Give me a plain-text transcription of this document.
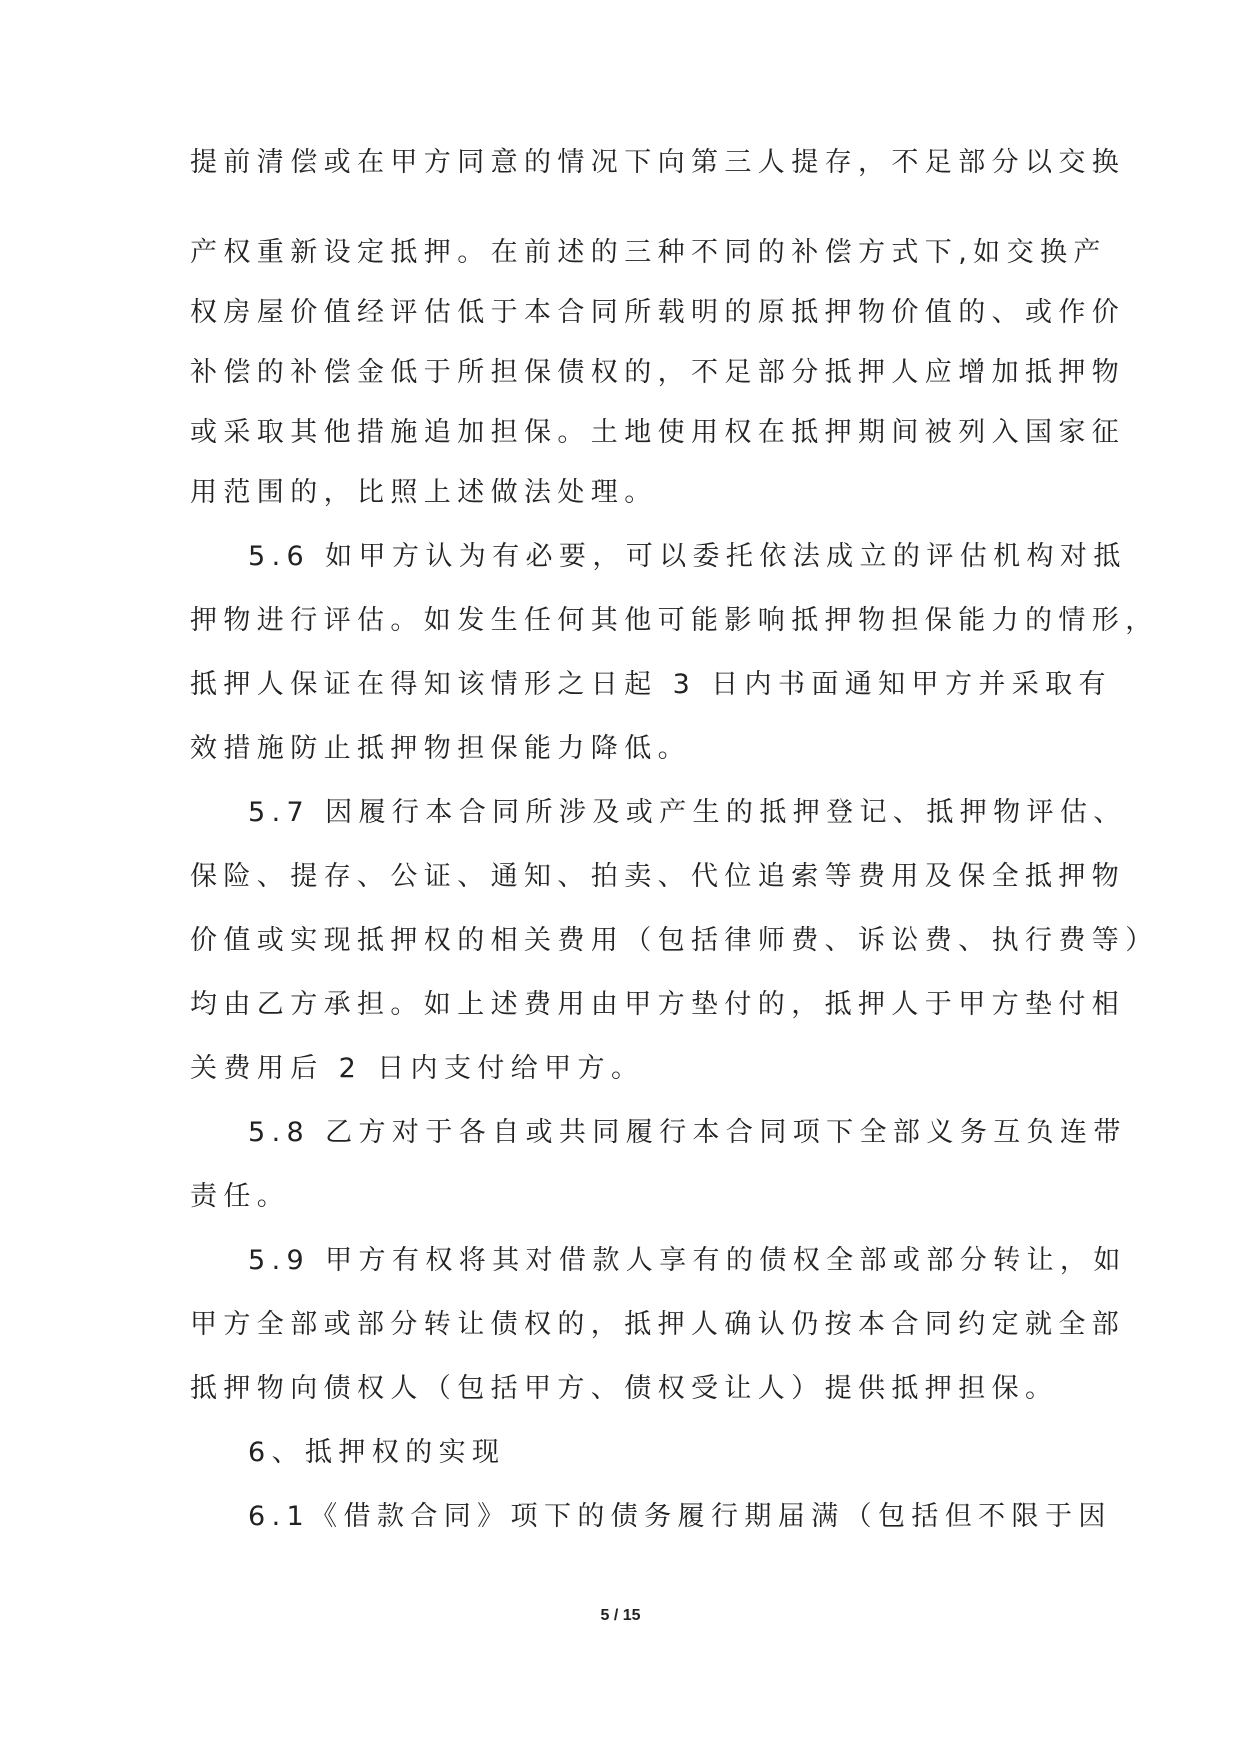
提前清偿或在甲方同意的情况下向第三人提存，不足部分以交换
产权重新设定抵押。在前述的三种不同的补偿方式下,如交换产
权房屋价值经评估低于本合同所载明的原抵押物价值的、或作价
补偿的补偿金低于所担保债权的，不足部分抵押人应增加抵押物
或采取其他措施追加担保。土地使用权在抵押期间被列入国家征
用范围的，比照上述做法处理。
5.6 如甲方认为有必要，可以委托依法成立的评估机构对抵
押物进行评估。如发生任何其他可能影响抵押物担保能力的情形，
抵押人保证在得知该情形之日起 3 日内书面通知甲方并采取有
效措施防止抵押物担保能力降低。
5.7 因履行本合同所涉及或产生的抵押登记、抵押物评估、
保险、提存、公证、通知、拍卖、代位追索等费用及保全抵押物
价值或实现抵押权的相关费用（包括律师费、诉讼费、执行费等）
均由乙方承担。如上述费用由甲方垫付的，抵押人于甲方垫付相
关费用后 2 日内支付给甲方。
5.8 乙方对于各自或共同履行本合同项下全部义务互负连带
责任。
5.9 甲方有权将其对借款人享有的债权全部或部分转让，如
甲方全部或部分转让债权的，抵押人确认仍按本合同约定就全部
抵押物向债权人（包括甲方、债权受让人）提供抵押担保。
6、抵押权的实现
6.1《借款合同》项下的债务履行期届满（包括但不限于因
5 / 15
